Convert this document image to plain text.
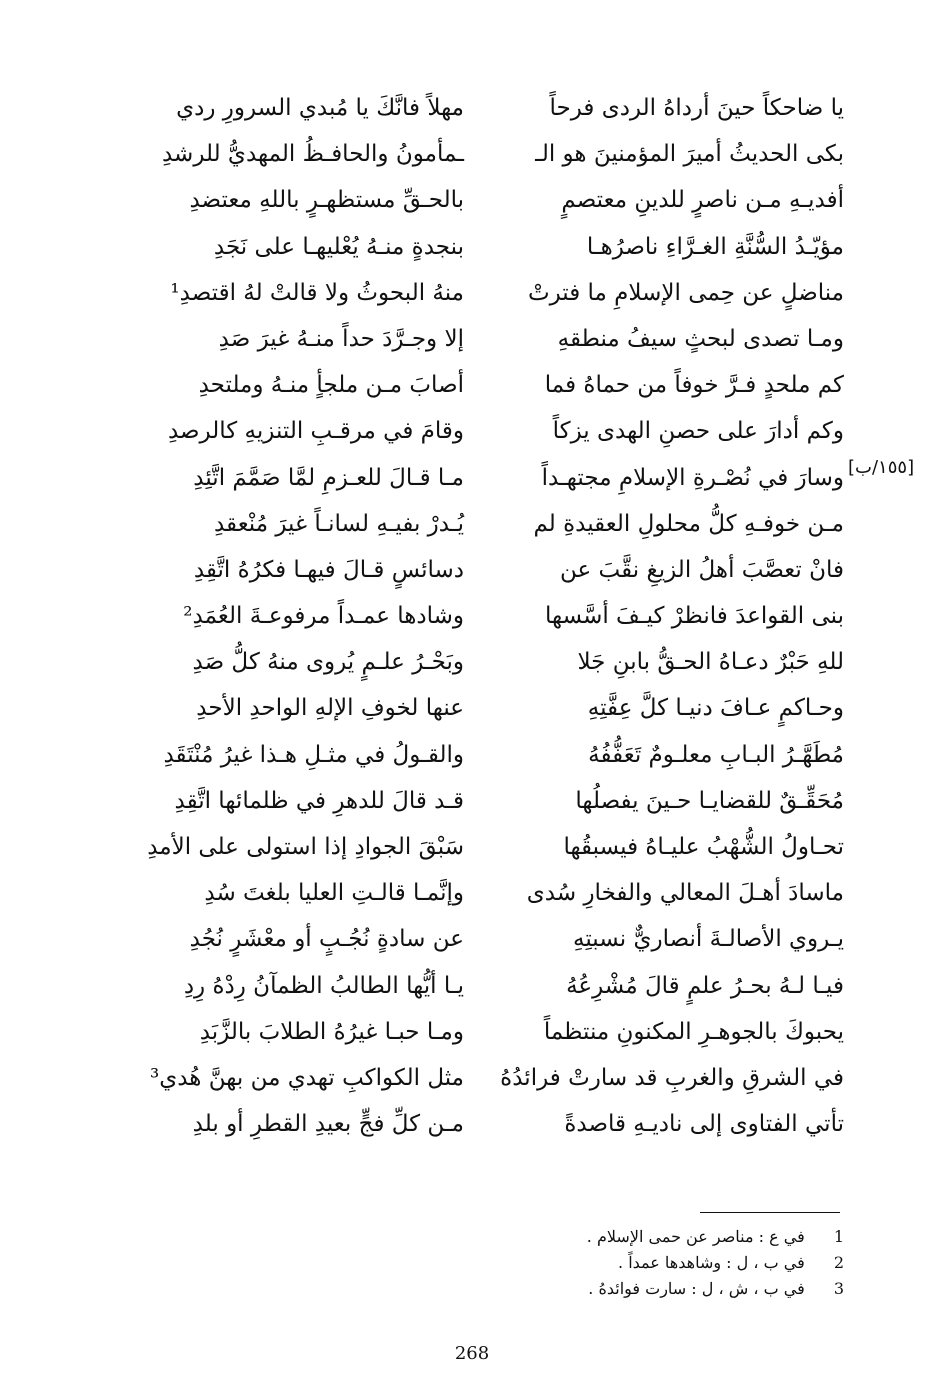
يا ضاحكاً حينَ أرداهُ الردى فرحاً
مهلاً فانَّكَ يا مُبدي السرورِ ردي
بكى الحديثُ أميرَ المؤمنينَ هو الـ
ـمأمونُ والحافـظُ المهديُّ للرشدِ
أفديـهِ مـن ناصرٍ للدينِ معتصمٍ
بالحـقِّ مستظهـرٍ باللهِ معتضدِ
مؤيّـدُ السُّنَّةِ الغـرَّاءِ ناصرُهـا
بنجدةٍ منـهُ يُعْليهـا على نَجَدِ
مناضلٍ عن حِمى الإسلامِ ما فترتْ
منهُ البحوثُ ولا قالتْ لهُ اقتصدِ¹
ومـا تصدى لبحثٍ سيفُ منطقهِ
إلا وجـرَّدَ حداً منـهُ غيرَ صَدِ
كم ملحدٍ فـرَّ خوفاً من حماهُ فما
أصابَ مـن ملجأٍ منـهُ وملتحدِ
وكم أدارَ على حصنِ الهدى يزكاً
وقامَ في مرقـبِ التنزيهِ كالرصدِ
وسارَ في نُصْـرةِ الإسلامِ مجتهـداً
مـا قـالَ للعـزمِ لمَّا صَمَّمَ اتَّئِدِ
مـن خوفـهِ كلُّ محلولِ العقيدةِ لم
يُـدرْ بفيـهِ لسانـاً غيرَ مُنْعقدِ
فانْ تعصَّبَ أهلُ الزيغِ نقَّبَ عن
دسائسٍ قـالَ فيهـا فكرُهُ اتَّقِدِ
بنى القواعدَ فانظرْ كيـفَ أسَّسها
وشادها عمـداً مرفوعـةَ العُمَدِ²
للهِ حَبْرٌ دعـاهُ الحـقُّ بابنِ جَلا
وبَحْـرُ علـمٍ يُروى منهُ كلُّ صَدِ
وحـاكمٍ عـافَ دنيـا كلَّ عِفَّتِهِ
عنها لخوفِ الإلهِ الواحدِ الأحدِ
مُطَهَّـرُ البـابِ معلـومٌ تَعَفُّفُهُ
والقـولُ في مثـلِ هـذا غيرُ مُنْتَقَدِ
مُحَقِّـقٌ للقضايـا حـينَ يفصلُها
قـد قالَ للدهرِ في ظلمائها اتَّقِدِ
تحـاولُ الشُّهْبُ عليـاهُ فيسبقُها
سَبْقَ الجوادِ إذا استولى على الأمدِ
ماسادَ أهـلَ المعالي والفخارِ سُدى
وإنَّمـا قالـتِ العليا بلغتَ سُدِ
يـروي الأصالـةَ أنصاريٌّ نسبتِهِ
عن سادةٍ نُجُـبٍ أو معْشَرٍ نُجُدِ
فيـا لـهُ بحـرُ علمٍ قالَ مُشْرِعُهُ
يـا أيُّها الطالبُ الظمآنُ رِدْهُ رِدِ
يحبوكَ بالجوهـرِ المكنونِ منتظماً
ومـا حبـا غيرُهُ الطلابَ بالزَّبَدِ
في الشرقِ والغربِ قد سارتْ فرائدُهُ
مثل الكواكبِ تهدي من بهنَّ هُدي³
تأتي الفتاوى إلى ناديـهِ قاصدةً
مـن كلِّ فجٍّ بعيدِ القطرِ أو بلدِ
[١٥٥/ب]
1   في ع : مناصر عن حمى الإسلام .
2   في ب ، ل : وشاهدها عمداً .
3   في ب ، ش ، ل : سارت فوائدهُ .
268
